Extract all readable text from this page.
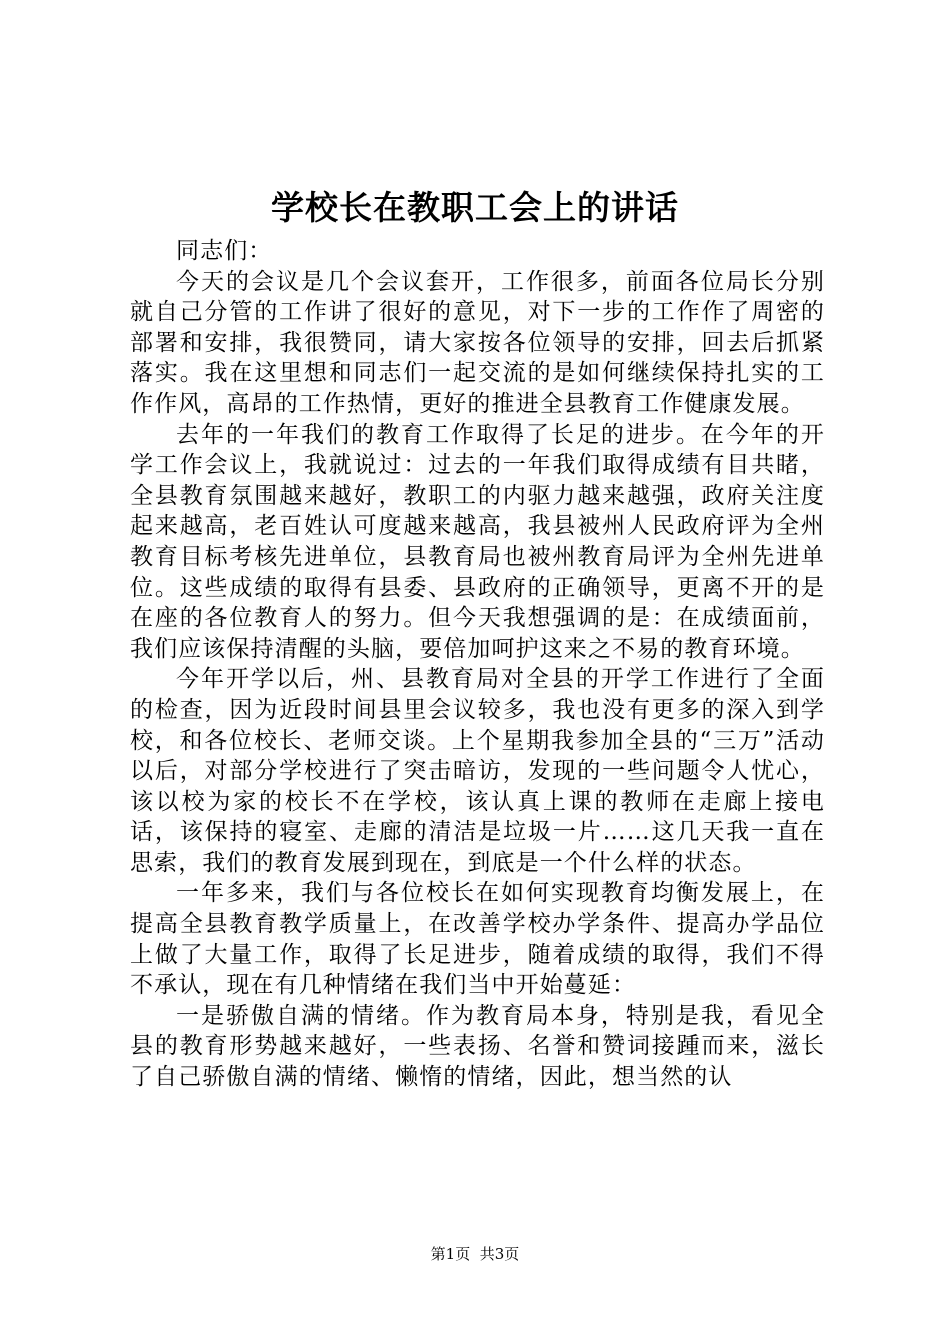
学校长在教职工会上的讲话

同志们：

今天的会议是几个会议套开，工作很多，前面各位局长分别就自己分管的工作讲了很好的意见，对下一步的工作作了周密的部署和安排，我很赞同，请大家按各位领导的安排，回去后抓紧落实。我在这里想和同志们一起交流的是如何继续保持扎实的工作作风，高昂的工作热情，更好的推进全县教育工作健康发展。

去年的一年我们的教育工作取得了长足的进步。在今年的开学工作会议上，我就说过：过去的一年我们取得成绩有目共睹，全县教育氛围越来越好，教职工的内驱力越来越强，政府关注度起来越高，老百姓认可度越来越高，我县被州人民政府评为全州教育目标考核先进单位，县教育局也被州教育局评为全州先进单位。这些成绩的取得有县委、县政府的正确领导，更离不开的是在座的各位教育人的努力。但今天我想强调的是：在成绩面前，我们应该保持清醒的头脑，要倍加呵护这来之不易的教育环境。

今年开学以后，州、县教育局对全县的开学工作进行了全面的检查，因为近段时间县里会议较多，我也没有更多的深入到学校，和各位校长、老师交谈。上个星期我参加全县的“三万”活动以后，对部分学校进行了突击暗访，发现的一些问题令人忧心，该以校为家的校长不在学校，该认真上课的教师在走廊上接电话，该保持的寝室、走廊的清洁是垃圾一片……这几天我一直在思索，我们的教育发展到现在，到底是一个什么样的状态。

一年多来，我们与各位校长在如何实现教育均衡发展上，在提高全县教育教学质量上，在改善学校办学条件、提高办学品位上做了大量工作，取得了长足进步，随着成绩的取得，我们不得不承认，现在有几种情绪在我们当中开始蔓延：

一是骄傲自满的情绪。作为教育局本身，特别是我，看见全县的教育形势越来越好，一些表扬、名誉和赞词接踵而来，滋长了自己骄傲自满的情绪、懒惰的情绪，因此，想当然的认

第1页 共3页
